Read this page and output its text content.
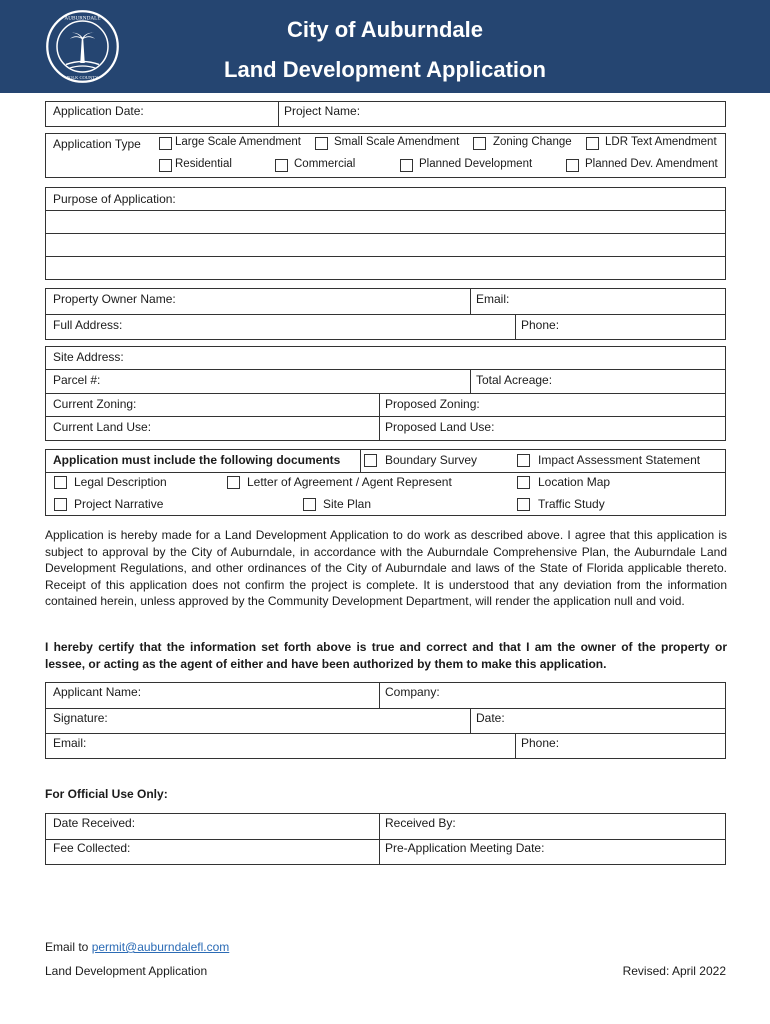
AUBURNDALE
POLK COUNTY
City of Auburndale
Land Development Application
Application Date:	Project Name:
Application Type	Large Scale Amendment	Small Scale Amendment	Zoning Change	LDR Text Amendment
Residential	Commercial	Planned Development	Planned Dev. Amendment
Purpose of Application:
Property Owner Name:	Email:
Full Address:	Phone:
Site Address:
Parcel #:	Total Acreage:
Current Zoning:	Proposed Zoning:
Current Land Use:	Proposed Land Use:
Application must include the following documents	Boundary Survey	Impact Assessment Statement
Legal Description	Letter of Agreement / Agent Represent	Location Map
Project Narrative	Site Plan	Traffic Study
Application is hereby made for a Land Development Application to do work as described above. I agree that this application is subject to approval by the City of Auburndale, in accordance with the Auburndale Comprehensive Plan, the Auburndale Land Development Regulations, and other ordinances of the City of Auburndale and laws of the State of Florida applicable thereto. Receipt of this application does not confirm the project is complete. It is understood that any deviation from the information contained herein, unless approved by the Community Development Department, will render the application null and void.
I hereby certify that the information set forth above is true and correct and that I am the owner of the property or lessee, or acting as the agent of either and have been authorized by them to make this application.
Applicant Name:	Company:
Signature:	Date:
Email:	Phone:
For Official Use Only:
Date Received:	Received By:
Fee Collected:	Pre-Application Meeting Date:
Email to permit@auburndalefl.com
Land Development Application	Revised: April 2022
